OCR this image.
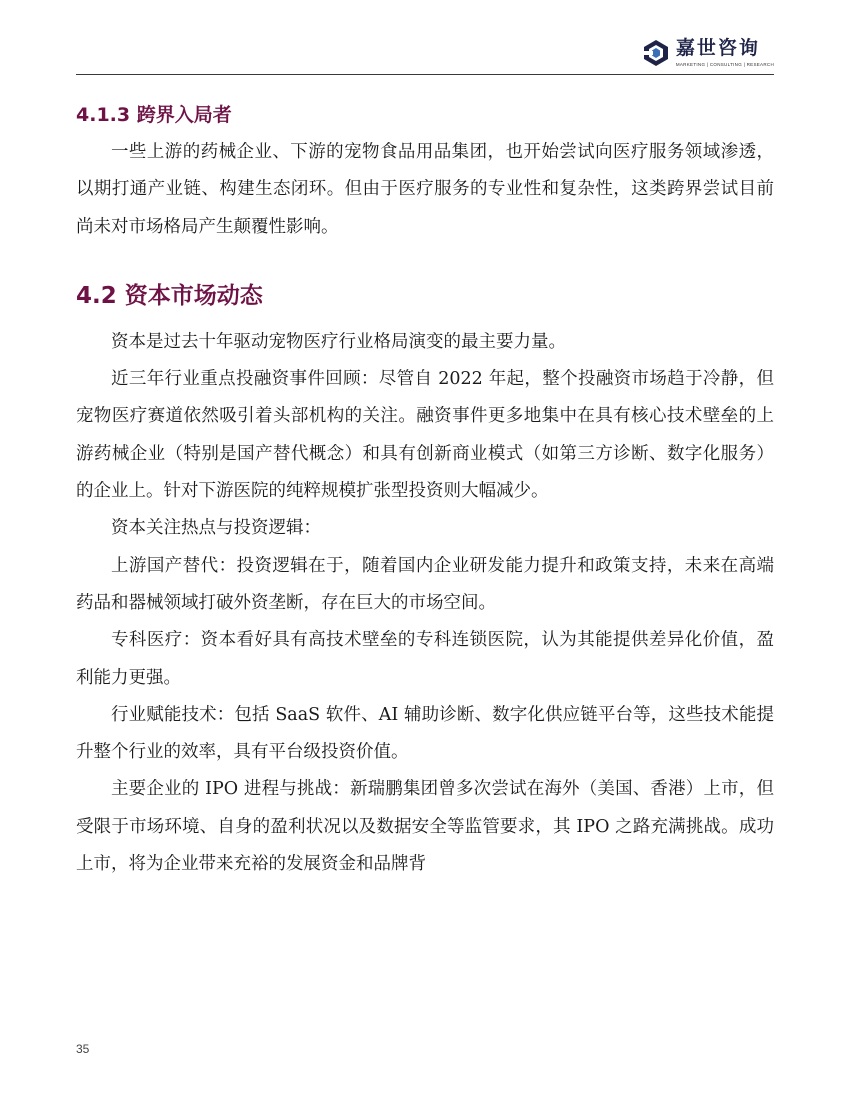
嘉世咨询
MARKETING | CONSULTING | RESEARCH
4.1.3 跨界入局者

一些上游的药械企业、下游的宠物食品用品集团，也开始尝试向医疗服务领域渗透，以期打通产业链、构建生态闭环。但由于医疗服务的专业性和复杂性，这类跨界尝试目前尚未对市场格局产生颠覆性影响。

4.2 资本市场动态

资本是过去十年驱动宠物医疗行业格局演变的最主要力量。

近三年行业重点投融资事件回顾：尽管自 2022 年起，整个投融资市场趋于冷静，但宠物医疗赛道依然吸引着头部机构的关注。融资事件更多地集中在具有核心技术壁垒的上游药械企业（特别是国产替代概念）和具有创新商业模式（如第三方诊断、数字化服务）的企业上。针对下游医院的纯粹规模扩张型投资则大幅减少。

资本关注热点与投资逻辑：

上游国产替代：投资逻辑在于，随着国内企业研发能力提升和政策支持，未来在高端药品和器械领域打破外资垄断，存在巨大的市场空间。

专科医疗：资本看好具有高技术壁垒的专科连锁医院，认为其能提供差异化价值，盈利能力更强。

行业赋能技术：包括 SaaS 软件、AI 辅助诊断、数字化供应链平台等，这些技术能提升整个行业的效率，具有平台级投资价值。

主要企业的 IPO 进程与挑战：新瑞鹏集团曾多次尝试在海外（美国、香港）上市，但受限于市场环境、自身的盈利状况以及数据安全等监管要求，其 IPO 之路充满挑战。成功上市，将为企业带来充裕的发展资金和品牌背

35
